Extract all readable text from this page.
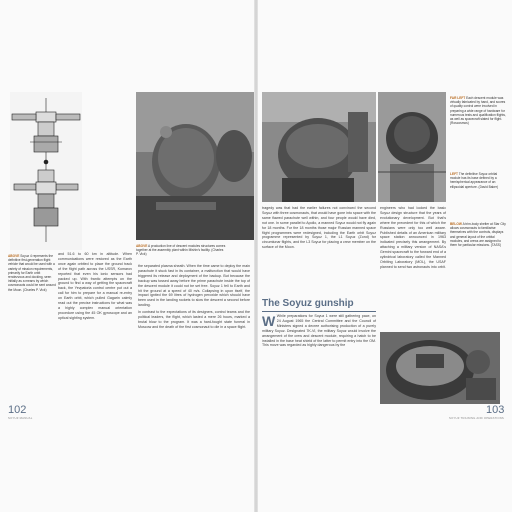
ABOVE Soyuz 4 represents the definitive first-generation flight vehicle that would be used with a variety of mission requirements, primarily for Earth orbit rendezvous and docking, seen initially as a means by which cosmonauts could be sent around the Moon. (Charles P. Vick)
ABOVE A production line of descent modules structures comes together at the assembly plant within Mishin's facility. (Charles P. Vick)

and 51.6 to 60 km in altitude. When communications were restored as the Earth once again orbited to place the ground track of the flight path across the USSR, Komarov reported that even his ionic sensors had packed up. With frantic attempts on the ground to find a way of getting the spacecraft back, the Yevpatoria control centre put out a call for him to prepare for a manual re-entry on Earth orbit, which pulled Gagarin calmly read out the precise instructions for what was a highly complex manual orientation procedure using the 45 OK gyroscope and an optical sighting system.

the separated plasma sheath. When the time came to deploy the main parachute it stuck fast in its container, a malfunction that would have triggered its release and deployment of the backup. But because the backup was tossed away before the prime parachute inside the top of the descent module it could not be set free. Soyuz 1 fell to Earth and hit the ground at a speed of 40 m/s. Collapsing in upon itself, the impact ignited the 69 litres of hydrogen peroxide which should have been used in the landing rockets to slow the descent a second before landing.

In contrast to the expectations of its designers, control teams and the political leaders, the flight, which lasted a mere 26 hours, marked a brutal blow to the program. It was a hard-fought state funeral in Moscow and the death of the first cosmonaut to die in a space flight.

102
SOYUZ MANUAL
FAR LEFT Each descent module was virtually fabricated by hand, and scores of quality control were involved in preparing a wide range of hardware for numerous tests and qualification flights, as well as spacecraft slated for flight. (Roscosmos)
LEFT The definitive Soyuz orbital module has its base defined by a hemispherical appearance of an ellipsoidal aperture. (David Baker)
BELOW A trim-body shelter at Star City allows cosmonauts to familiarise themselves with the controls, displays and general layout of the orbital modules, and crews are assigned to them for particular missions. (TASS)

tragedy was that had the earlier failures not convinced the second Soyuz with three cosmonauts, that would have gone into space with the same flawed parachute well within, and four people would have died, not one. In some parallel to Apollo, a manned Soyuz would not fly again for 18 months. For the 18 months those major Russian manned space flight programmes were redesigned, including the Earth orbit Soyuz programme represented by Soyuz 1, the L1 Soyuz (Zond) for circumlunar flights, and the L3 Soyuz for placing a crew member on the surface of the Moon.

The Soyuz gunship

W While preparations for Soyuz 1 were still gathering pace, on 24 August 1965 the Central Committee and the Council of Ministers signed a decree authorising production of a purely military Soyuz. Designated 7K-VI, the military Soyuz would involve the arrangement of the crew and descent module, requiring a hatch to be installed in the base heat shield of the latter to permit entry into the OM. This move was regarded as highly dangerous by the

engineers who had looked the basic Soyuz design structure that the years of evolutionary development. But that's where the precedent for this of which the Russians were only too well aware. Published details of an American military space station announced in 1963 indicated precisely this arrangement. By attaching a military version of NASA's Gemini spacecraft to the forward end of a cylindrical laboratory called the Manned Orbiting Laboratory (MOL), the USAF planned to send two astronauts into orbit.

103
SOYUZ TRAINING AND OPERATIONS
